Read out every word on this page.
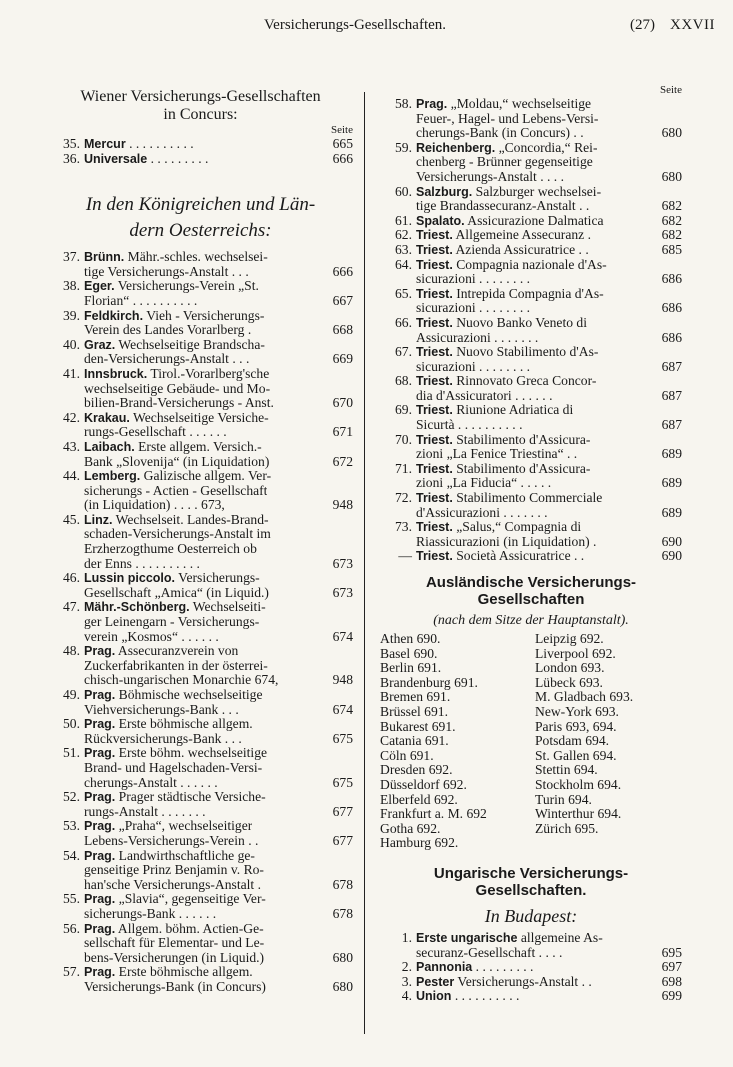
Versicherungs-Gesellschaften.	(27) XXVII
Wiener Versicherungs-Gesellschaften
in Concurs:
Seite
35. Mercur . . . . . . . . . .	665
36. Universale . . . . . . . . .	666
In den Königreichen und Län-
dern Oesterreichs:
37. Brünn. Mähr.-schles. wechselsei-
tige Versicherungs-Anstalt . . .	666
38. Eger. Versicherungs-Verein „St.
Florian“ . . . . . . . . . .	667
39. Feldkirch. Vieh - Versicherungs-
Verein des Landes Vorarlberg .	668
40. Graz. Wechselseitige Brandscha-
den-Versicherungs-Anstalt . . .	669
41. Innsbruck. Tirol.-Vorarlberg'sche
wechselseitige Gebäude- und Mo-
bilien-Brand-Versicherungs - Anst.	670
42. Krakau. Wechselseitige Versiche-
rungs-Gesellschaft . . . . . .	671
43. Laibach. Erste allgem. Versich.-
Bank „Slovenija“ (in Liquidation)	672
44. Lemberg. Galizische allgem. Ver-
sicherungs - Actien - Gesellschaft
(in Liquidation) . . . . 673,	948
45. Linz. Wechselseit. Landes-Brand-
schaden-Versicherungs-Anstalt im
Erzherzogthume Oesterreich ob
der Enns . . . . . . . . . .	673
46. Lussin piccolo. Versicherungs-
Gesellschaft „Amica“ (in Liquid.)	673
47. Mähr.-Schönberg. Wechselseiti-
ger Leinengarn - Versicherungs-
verein „Kosmos“ . . . . . .	674
48. Prag. Assecuranzverein von
Zuckerfabrikanten in der österrei-
chisch-ungarischen Monarchie 674,	948
49. Prag. Böhmische wechselseitige
Viehversicherungs-Bank . . .	674
50. Prag. Erste böhmische allgem.
Rückversicherungs-Bank . . .	675
51. Prag. Erste böhm. wechselseitige
Brand- und Hagelschaden-Versi-
cherungs-Anstalt . . . . . .	675
52. Prag. Prager städtische Versiche-
rungs-Anstalt . . . . . . .	677
53. Prag. „Praha“, wechselseitiger
Lebens-Versicherungs-Verein . .	677
54. Prag. Landwirthschaftliche ge-
genseitige Prinz Benjamin v. Ro-
han'sche Versicherungs-Anstalt .	678
55. Prag. „Slavia“, gegenseitige Ver-
sicherungs-Bank . . . . . .	678
56. Prag. Allgem. böhm. Actien-Ge-
sellschaft für Elementar- und Le-
bens-Versicherungen (in Liquid.)	680
57. Prag. Erste böhmische allgem.
Versicherungs-Bank (in Concurs)	680
Seite
58. Prag. „Moldau,“ wechselseitige
Feuer-, Hagel- und Lebens-Versi-
cherungs-Bank (in Concurs) . .	680
59. Reichenberg. „Concordia,“ Rei-
chenberg - Brünner gegenseitige
Versicherungs-Anstalt . . . .	680
60. Salzburg. Salzburger wechselsei-
tige Brandassecuranz-Anstalt . .	682
61. Spalato. Assicurazione Dalmatica	682
62. Triest. Allgemeine Assecuranz .	682
63. Triest. Azienda Assicuratrice . .	685
64. Triest. Compagnia nazionale d'As-
sicurazioni . . . . . . . .	686
65. Triest. Intrepida Compagnia d'As-
sicurazioni . . . . . . . .	686
66. Triest. Nuovo Banko Veneto di
Assicurazioni . . . . . . .	686
67. Triest. Nuovo Stabilimento d'As-
sicurazioni . . . . . . . .	687
68. Triest. Rinnovato Greca Concor-
dia d'Assicuratori . . . . . .	687
69. Triest. Riunione Adriatica di
Sicurtà . . . . . . . . . .	687
70. Triest. Stabilimento d'Assicura-
zioni „La Fenice Triestina“ . .	689
71. Triest. Stabilimento d'Assicura-
zioni „La Fiducia“ . . . . .	689
72. Triest. Stabilimento Commerciale
d'Assicurazioni . . . . . . .	689
73. Triest. „Salus,“ Compagnia di
Riassicurazioni (in Liquidation) .	690
— Triest. Società Assicuratrice . .	690
Ausländische Versicherungs-
Gesellschaften
(nach dem Sitze der Hauptanstalt).
Athen 690.	Leipzig 692.
Basel 690.	Liverpool 692.
Berlin 691.	London 693.
Brandenburg 691.	Lübeck 693.
Bremen 691.	M. Gladbach 693.
Brüssel 691.	New-York 693.
Bukarest 691.	Paris 693, 694.
Catania 691.	Potsdam 694.
Cöln 691.	St. Gallen 694.
Dresden 692.	Stettin 694.
Düsseldorf 692.	Stockholm 694.
Elberfeld 692.	Turin 694.
Frankfurt a. M. 692	Winterthur 694.
Gotha 692.	Zürich 695.
Hamburg 692.
Ungarische Versicherungs-
Gesellschaften.
In Budapest:
1. Erste ungarische allgemeine As-
securanz-Gesellschaft . . . .	695
2. Pannonia . . . . . . . . .	697
3. Pester Versicherungs-Anstalt . .	698
4. Union . . . . . . . . . .	699
